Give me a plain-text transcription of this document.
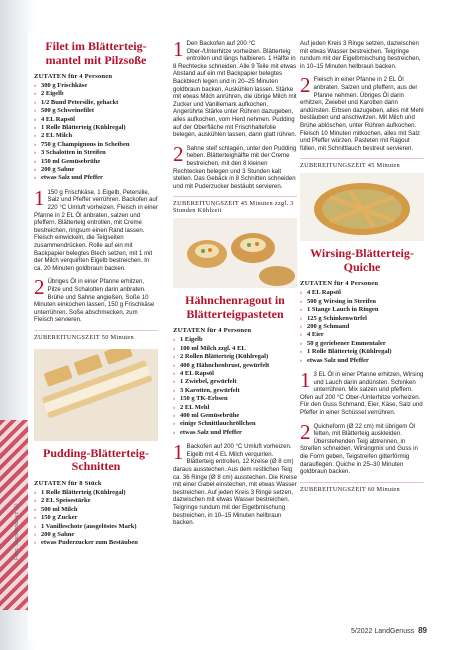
Foto: Stockfood/xyz (1)
Filet im Blätterteig-mantel mit Pilzsoße
ZUTATEN für 4 Personen
› 300 g Frischkäse
› 2 Eigelb
› 1/2 Bund Petersilie, gehackt
› 500 g Schweinefilet
› 4 EL Rapsöl
› 1 Rolle Blätterteig (Kühlregal)
› 2 EL Milch
› 750 g Champignons in Scheiben
› 3 Schalotten in Streifen
› 150 ml Gemüsebrühe
› 200 g Sahne
› etwas Salz und Pfeffer
1 150 g Frischkäse, 1 Eigelb, Petersilie, Salz und Pfeffer verrühren. Backofen auf 220 °C Umluft vorheizen. Fleisch in einer Pfanne in 2 EL Öl anbraten, salzen und pfeffern. Blätterteig entrollen, mit Creme bestreichen, ringsum einen Rand lassen. Fleisch einwickeln, die Teigseiten zusammendrücken. Rolle auf ein mit Backpapier belegtes Blech setzen, mit 1 mit der Milch verquirlten Eigelb bestreichen. In ca. 20 Minuten goldbraun backen.
2 Übriges Öl in einer Pfanne erhitzen, Pilze und Schalotten darin anbraten. Brühe und Sahne angießen, Soße 10 Minuten einkochen lassen, 150 g Frischkäse unterrühren. Soße abschmecken, zum Fleisch servieren.
ZUBEREITUNGSZEIT 50 Minuten
Pudding-Blätterteig-Schnitten
ZUTATEN für 8 Stück
› 1 Rolle Blätterteig (Kühlregal)
› 2 EL Speisestärke
› 500 ml Milch
› 150 g Zucker
› 1 Vanilleschote (ausgelöstes Mark)
› 200 g Sahne
› etwas Puderzucker zum Bestäuben
1 Den Backofen auf 200 °C Ober-/Unterhitze vorheizen. Blätterteig entrollen und längs halbieren. 1 Hälfte in 8 Rechtecke schneiden. Alle 9 Teile mit etwas Abstand auf ein mit Backpapier belegtes Backblech legen und in 20–25 Minuten goldbraun backen. Auskühlen lassen. Stärke mit etwas Milch anrühren, die übrige Milch mit Zucker und Vanillemark aufkochen. Angerührte Stärke unter Rühren dazugeben, alles aufkochen, vom Herd nehmen. Pudding auf der Oberfläche mit Frischhaltefolie belegen, auskühlen lassen, dann glatt rühren.
2 Sahne steif schlagen, unter den Pudding heben. Blätterteighälfte mit der Creme bestreichen, mit den 8 kleinen Rechtecken belegen und 3 Stunden kalt stellen. Das Gebäck in 8 Schnitten schneiden und mit Puderzucker bestäubt servieren.
ZUBEREITUNGSZEIT 45 Minuten zzgl. 3 Stunden Kühlzeit
Hähnchenragout in Blätterteigpasteten
ZUTATEN für 4 Personen
› 1 Eigelb
› 100 ml Milch zzgl. 4 EL
› 2 Rollen Blätterteig (Kühlregal)
› 400 g Hähnchenbrust, gewürfelt
› 4 EL Rapsöl
› 1 Zwiebel, gewürfelt
› 3 Karotten, gewürfelt
› 150 g TK-Erbsen
› 2 EL Mehl
› 400 ml Gemüsebrühe
› einige Schnittlauchröllchen
› etwas Salz und Pfeffer
1 Backofen auf 200 °C Umluft vorheizen. Eigelb mit 4 EL Milch verquirlen. Blätterteig entrollen, 12 Kreise (Ø 8 cm) daraus ausstechen. Aus dem restlichen Teig ca. 36 Ringe (Ø 8 cm) ausstechen. Die Kreise mit einer Gabel einstechen, mit etwas Wasser bestreichen. Auf jeden Kreis 3 Ringe setzen, dazwischen mit etwas Wasser bestreichen. Teigringe rundum mit der Eigelbmischung bestreichen, in 10–15 Minuten hellbraun backen.
Auf jeden Kreis 3 Ringe setzen, dazwischen mit etwas Wasser bestreichen. Teigringe rundum mit der Eigelbmischung bestreichen, in 10–15 Minuten hellbraun backen.
2 Fleisch in einer Pfanne in 2 EL Öl anbraten. Salzen und pfeffern, aus der Pfanne nehmen. Übriges Öl darin erhitzen, Zwiebel und Karotten darin andünsten. Erbsen dazugeben, alles mit Mehl bestäuben und anschwitzen. Mit Milch und Brühe ablöschen, unter Rühren aufkochen. Fleisch 10 Minuten mitkochen, alles mit Salz und Pfeffer würzen. Pasteten mit Ragout füllen, mit Schnittlauch bestreut servieren.
ZUBEREITUNGSZEIT 45 Minuten
Wirsing-Blätterteig-Quiche
ZUTATEN für 4 Personen
› 4 EL Rapsöl
› 500 g Wirsing in Streifen
› 1 Stange Lauch in Ringen
› 125 g Schinkenwürfel
› 200 g Schmand
› 4 Eier
› 50 g geriebener Emmentaler
› 1 Rolle Blätterteig (Kühlregal)
› etwas Salz und Pfeffer
1 3 EL Öl in einer Pfanne erhitzen, Wirsing und Lauch darin andünsten. Schinken unterrühren. Mix salzen und pfeffern. Ofen auf 200 °C Ober-/Unterhitze vorheizen. Für den Guss Schmand, Eier, Käse, Salz und Pfeffer in einer Schüssel verrühren.
2 Quicheform (Ø 22 cm) mit übrigem Öl fetten, mit Blätterteig auskleiden. Überstehenden Teig abtrennen, in Streifen schneiden. Wirsingmix und Guss in die Form geben, Teigstreifen gitterförmig darauflegen. Quiche in 25–30 Minuten goldbraun backen.
ZUBEREITUNGSZEIT 60 Minuten
5/2022 LandGenuss 89
